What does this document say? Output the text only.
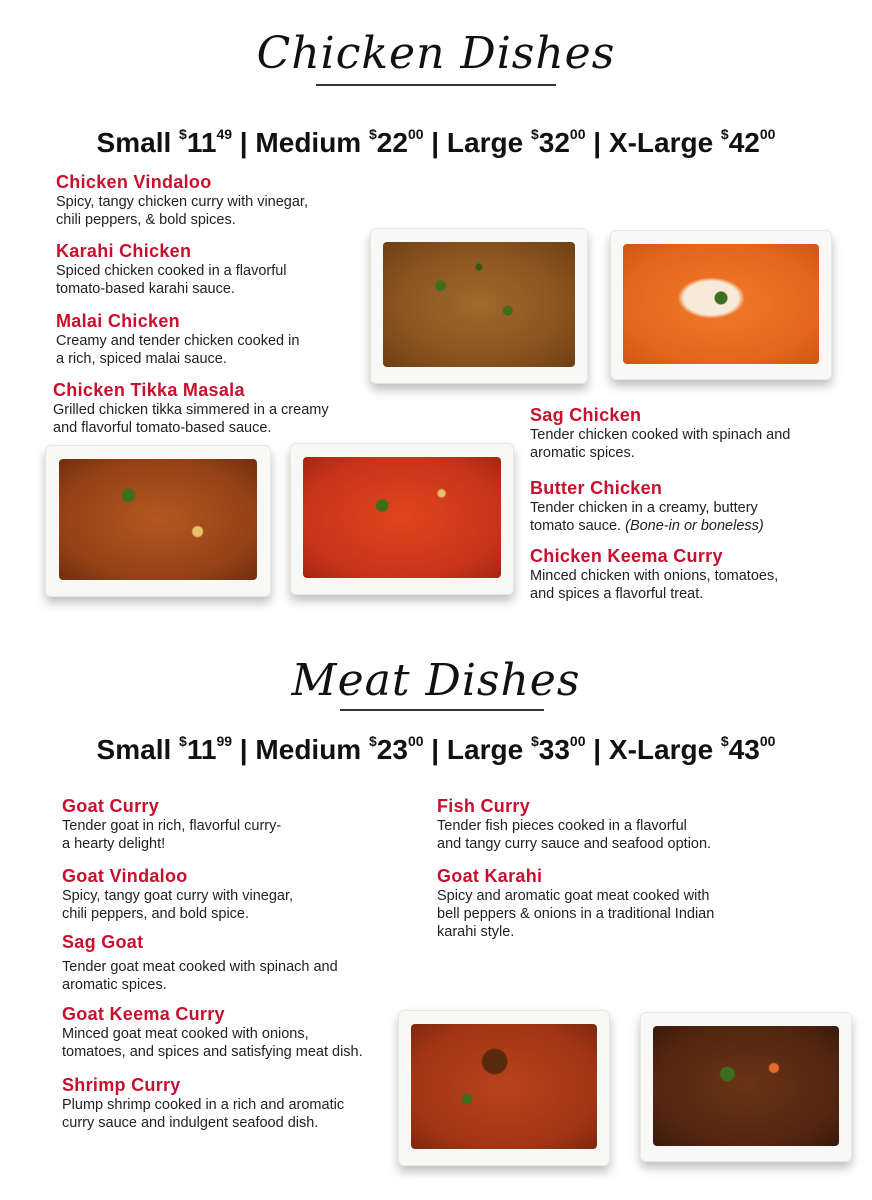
Chicken Dishes
Small $^{\$}11^{49}$ | Medium $^{\$}22^{00}$ | Large $^{\$}32^{00}$ | X-Large $^{\$}42^{00}$
Chicken Vindaloo
Spicy, tangy chicken curry with vinegar,
chili peppers, & bold spices.
Karahi Chicken
Spiced chicken cooked in a flavorful
tomato-based karahi sauce.
Malai Chicken
Creamy and tender chicken cooked in
a rich, spiced malai sauce.
Chicken Tikka Masala
Grilled chicken tikka simmered in a creamy
and flavorful tomato-based sauce.
Sag Chicken
Tender chicken cooked with spinach and
aromatic spices.
Butter Chicken
Tender chicken in a creamy, buttery
tomato sauce. (Bone-in or boneless)
Chicken Keema Curry
Minced chicken with onions, tomatoes,
and spices a flavorful treat.
Meat Dishes
Small $^{\$}11^{99}$ | Medium $^{\$}23^{00}$ | Large $^{\$}33^{00}$ | X-Large $^{\$}43^{00}$
Goat Curry
Tender goat in rich, flavorful curry-
a hearty delight!
Goat Vindaloo
Spicy, tangy goat curry with vinegar,
chili peppers, and bold spice.
Sag Goat
Tender goat meat cooked with spinach and
aromatic spices.
Goat Keema Curry
Minced goat meat cooked with onions,
tomatoes, and spices and satisfying meat dish.
Shrimp Curry
Plump shrimp cooked in a rich and aromatic
curry sauce and indulgent seafood dish.
Fish Curry
Tender fish pieces cooked in a flavorful
and tangy curry sauce and seafood option.
Goat Karahi
Spicy and aromatic goat meat cooked with
bell peppers & onions in a traditional Indian
karahi style.
